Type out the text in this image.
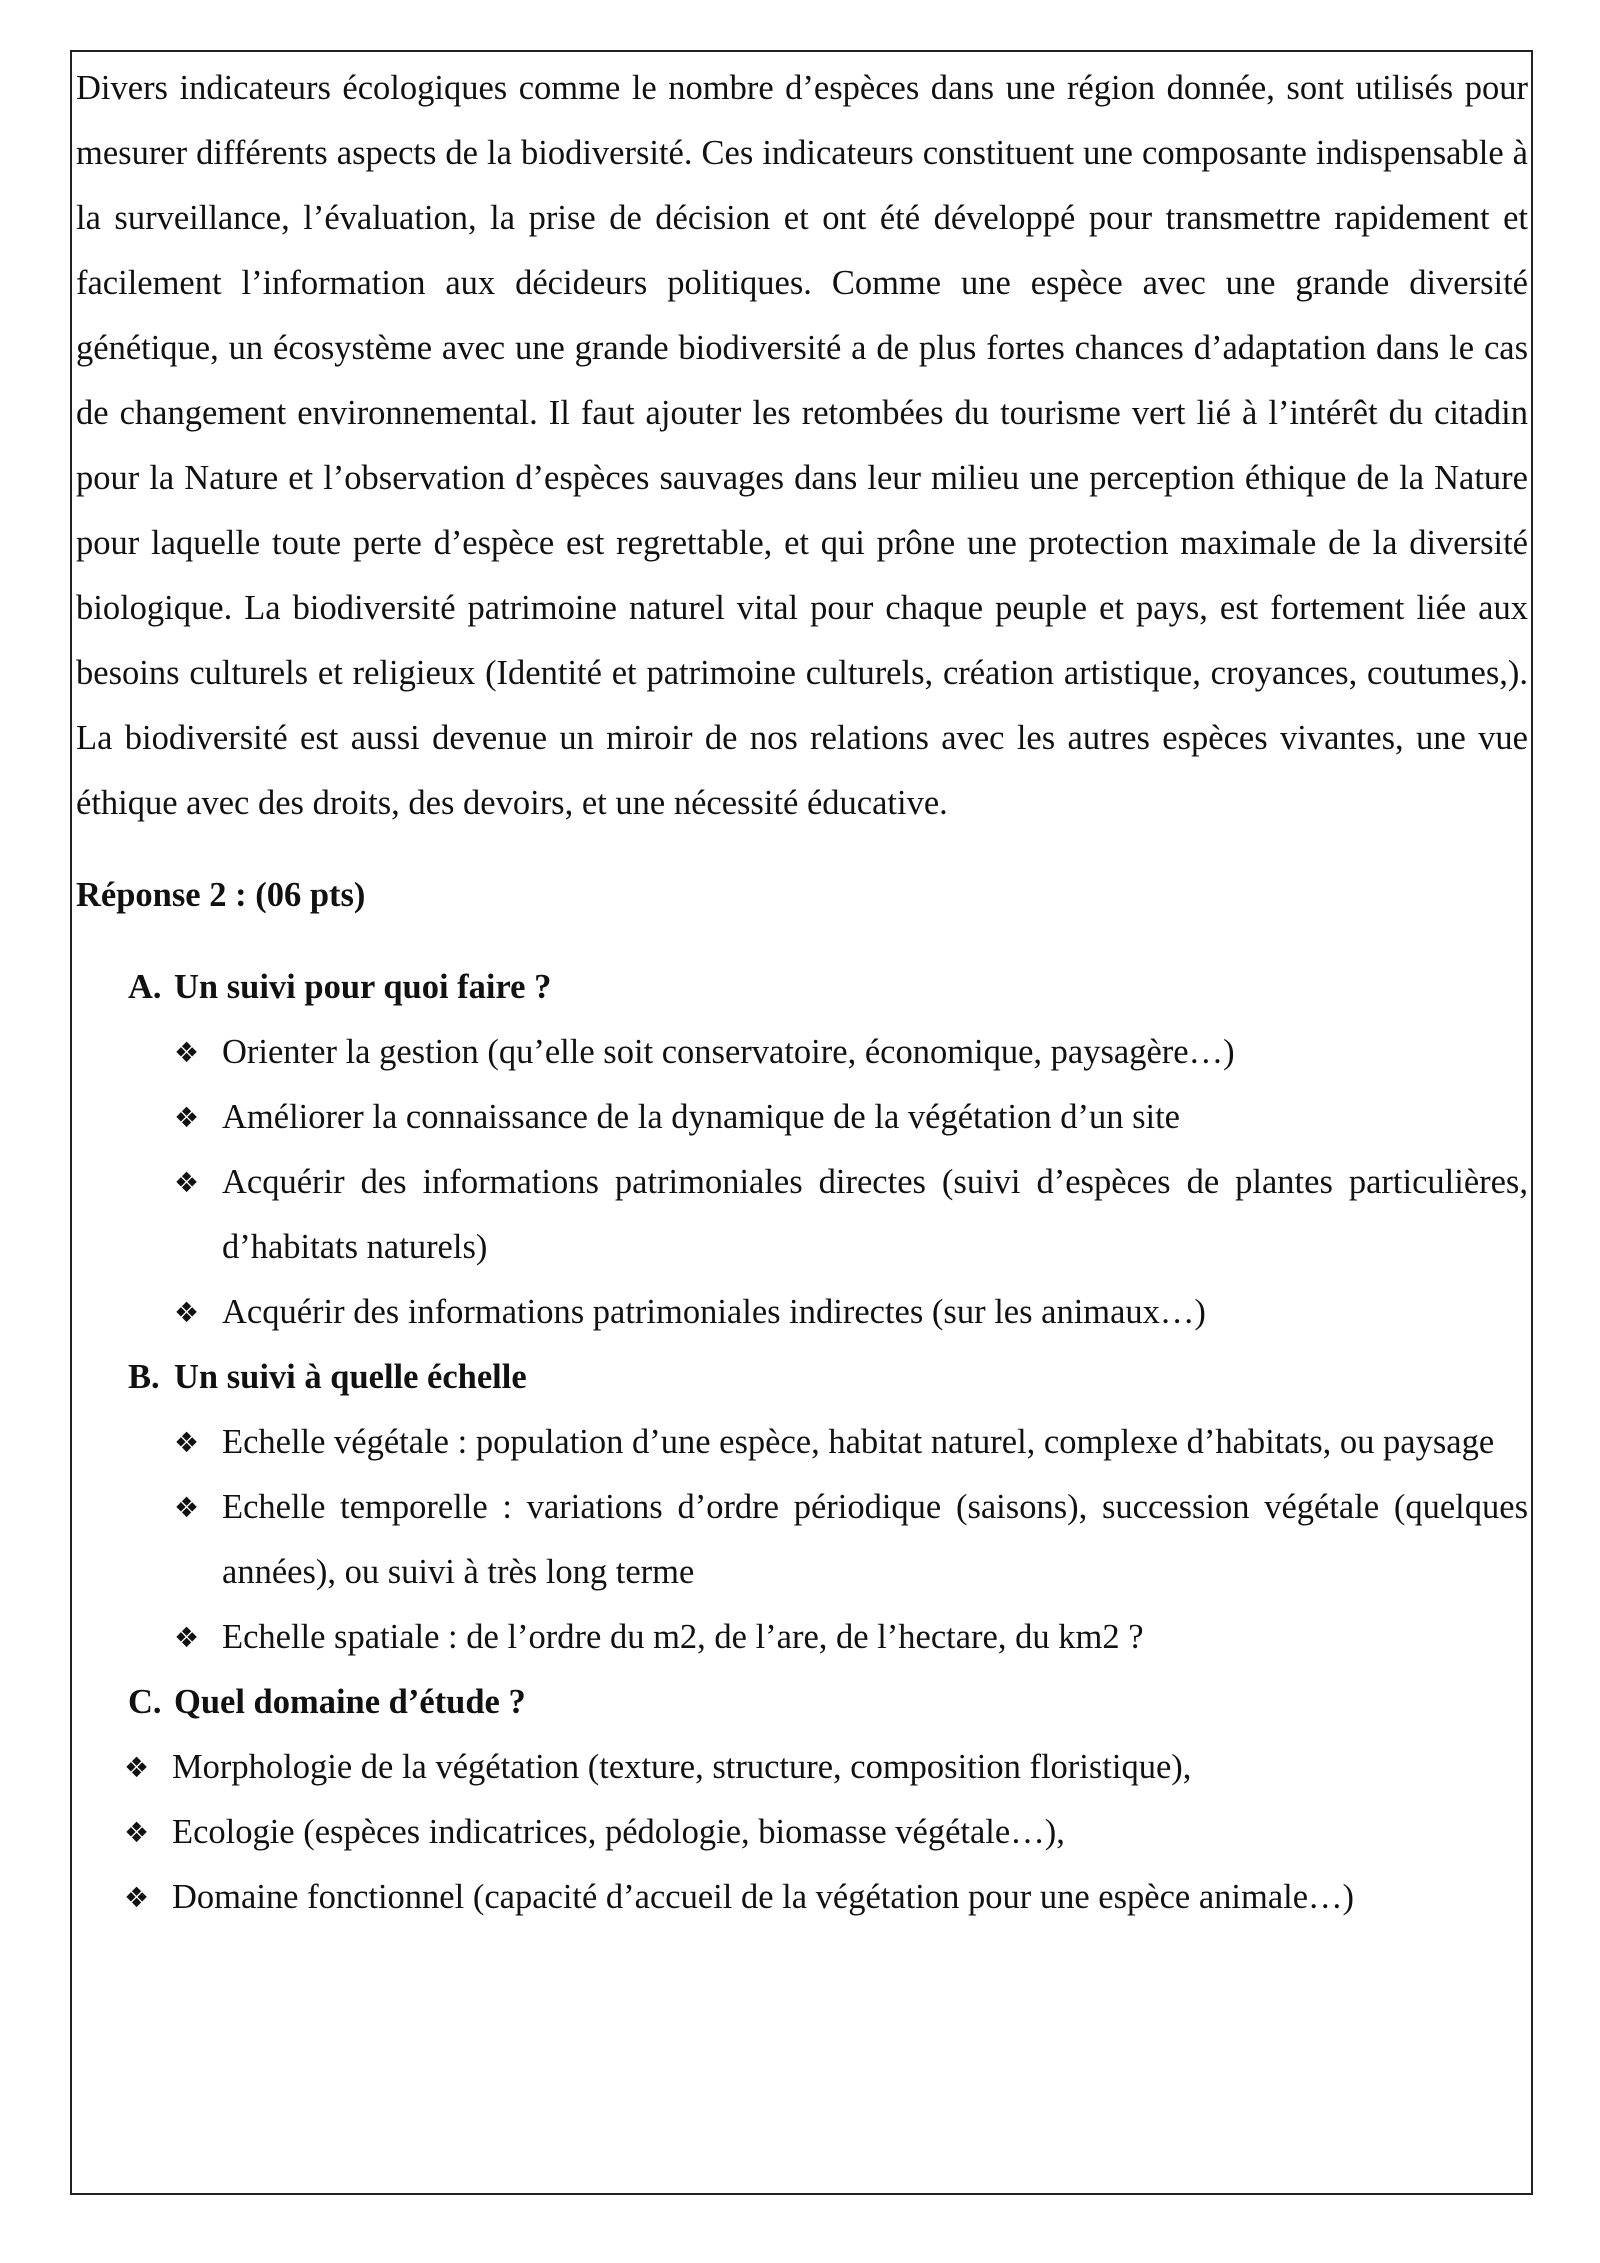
Divers indicateurs écologiques comme le nombre d’espèces dans une région donnée, sont utilisés pour mesurer différents aspects de la biodiversité. Ces indicateurs constituent une composante indispensable à la surveillance, l’évaluation, la prise de décision et ont été développé pour transmettre rapidement et facilement l’information aux décideurs politiques. Comme une espèce avec une grande diversité génétique, un écosystème avec une grande biodiversité a de plus fortes chances d’adaptation dans le cas de changement environnemental. Il faut ajouter les retombées du tourisme vert lié à l’intérêt du citadin pour la Nature et l’observation d’espèces sauvages dans leur milieu une perception éthique de la Nature pour laquelle toute perte d’espèce est regrettable, et qui prône une protection maximale de la diversité biologique. La biodiversité patrimoine naturel vital pour chaque peuple et pays, est fortement liée aux besoins culturels et religieux (Identité et patrimoine culturels, création artistique, croyances, coutumes,). La biodiversité est aussi devenue un miroir de nos relations avec les autres espèces vivantes, une vue éthique avec des droits, des devoirs, et une nécessité éducative.

Réponse 2 : (06 pts)
A. Un suivi pour quoi faire ?
❖ Orienter la gestion (qu’elle soit conservatoire, économique, paysagère…)
❖ Améliorer la connaissance de la dynamique de la végétation d’un site
❖ Acquérir des informations patrimoniales directes (suivi d’espèces de plantes particulières, d’habitats naturels)
❖ Acquérir des informations patrimoniales indirectes (sur les animaux…)
B. Un suivi à quelle échelle
❖ Echelle végétale : population d’une espèce, habitat naturel, complexe d’habitats, ou paysage
❖ Echelle temporelle : variations d’ordre périodique (saisons), succession végétale (quelques années), ou suivi à très long terme
❖ Echelle spatiale : de l’ordre du m2, de l’are, de l’hectare, du km2 ?
C. Quel domaine d’étude ?
❖ Morphologie de la végétation (texture, structure, composition floristique),
❖ Ecologie (espèces indicatrices, pédologie, biomasse végétale…),
❖ Domaine fonctionnel (capacité d’accueil de la végétation pour une espèce animale…)
